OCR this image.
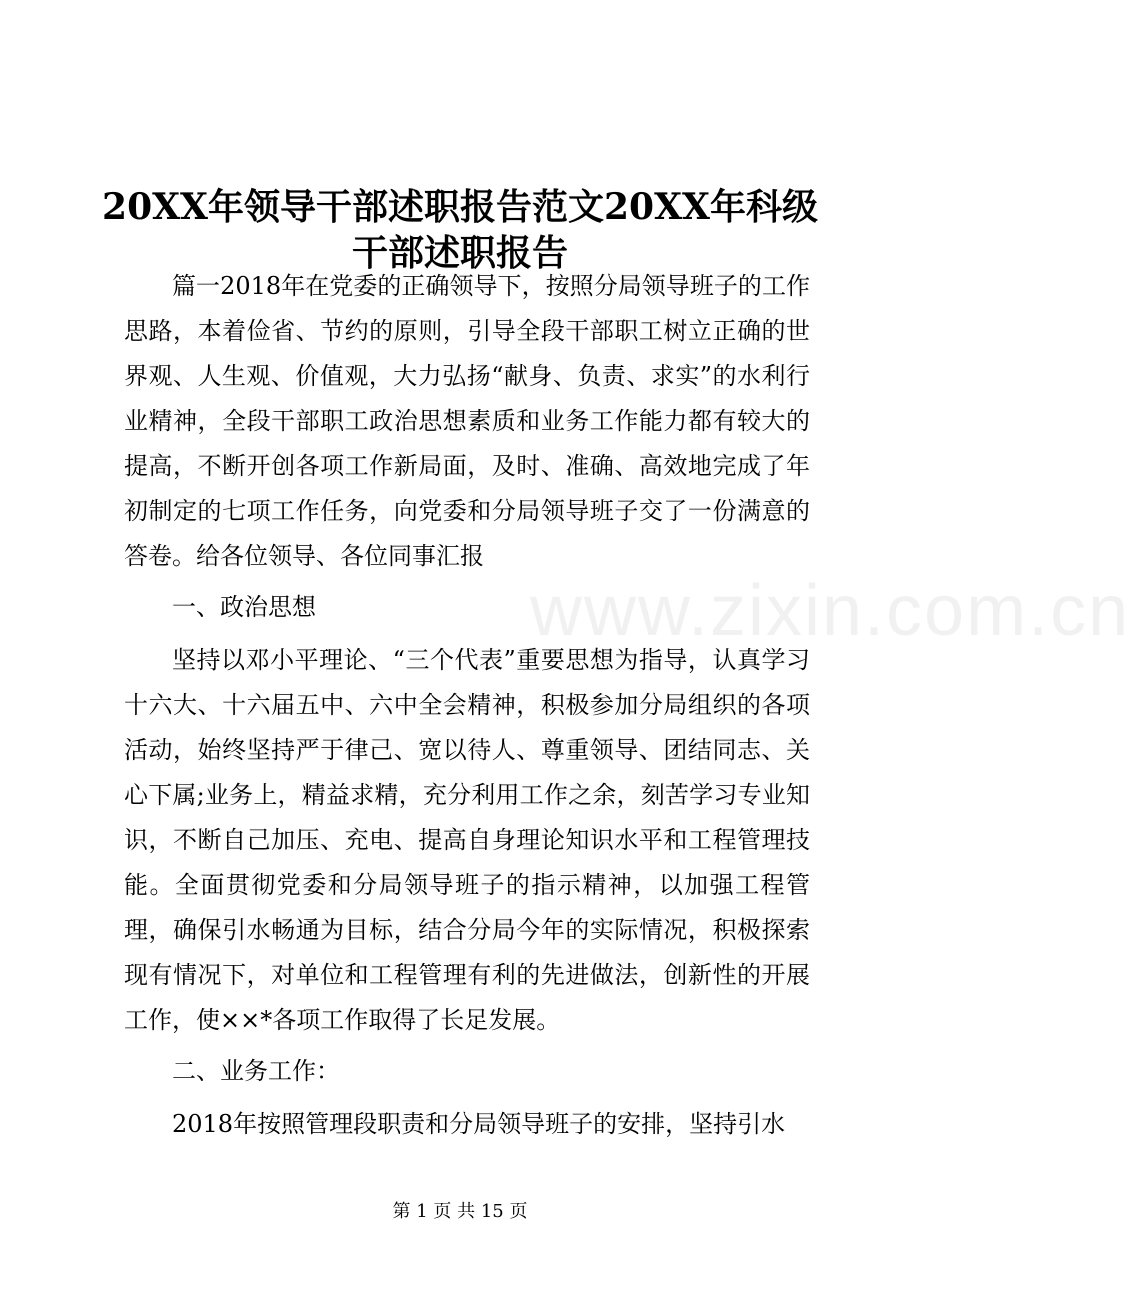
www.zixin.com.cn
20XX年领导干部述职报告范文20XX年科级干部述职报告

篇一2018年在党委的正确领导下，按照分局领导班子的工作思路，本着俭省、节约的原则，引导全段干部职工树立正确的世界观、人生观、价值观，大力弘扬“献身、负责、求实”的水利行业精神，全段干部职工政治思想素质和业务工作能力都有较大的提高，不断开创各项工作新局面，及时、准确、高效地完成了年初制定的七项工作任务，向党委和分局领导班子交了一份满意的答卷。给各位领导、各位同事汇报

一、政治思想

坚持以邓小平理论、“三个代表”重要思想为指导，认真学习十六大、十六届五中、六中全会精神，积极参加分局组织的各项活动，始终坚持严于律己、宽以待人、尊重领导、团结同志、关心下属;业务上，精益求精，充分利用工作之余，刻苦学习专业知识，不断自己加压、充电、提高自身理论知识水平和工程管理技能。全面贯彻党委和分局领导班子的指示精神，以加强工程管理，确保引水畅通为目标，结合分局今年的实际情况，积极探索现有情况下，对单位和工程管理有利的先进做法，创新性的开展工作，使××*各项工作取得了长足发展。

二、业务工作：

2018年按照管理段职责和分局领导班子的安排，坚持引水

第 1 页 共 15 页
